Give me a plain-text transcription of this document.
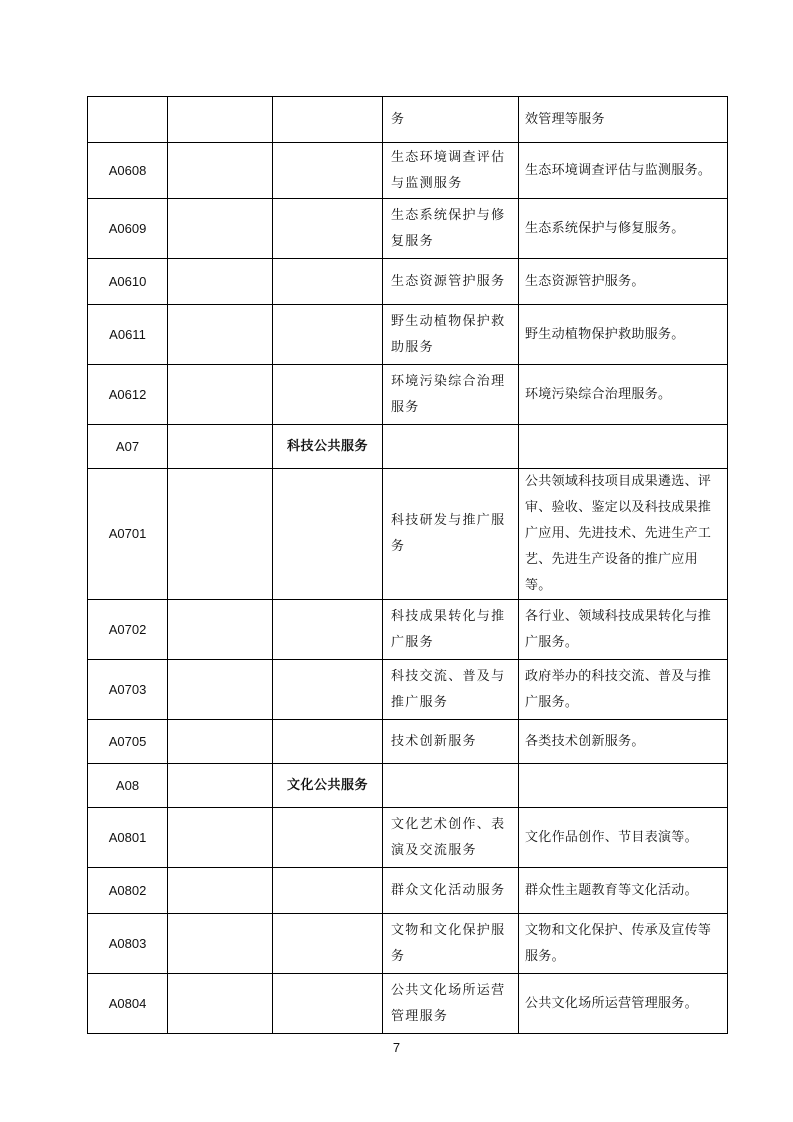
			务	效管理等服务
A0608			生态环境调查评估与监测服务	生态环境调查评估与监测服务。
A0609			生态系统保护与修复服务	生态系统保护与修复服务。
A0610			生态资源管护服务	生态资源管护服务。
A0611			野生动植物保护救助服务	野生动植物保护救助服务。
A0612			环境污染综合治理服务	环境污染综合治理服务。
A07		科技公共服务		
A0701			科技研发与推广服务	公共领域科技项目成果遴选、评审、验收、鉴定以及科技成果推广应用、先进技术、先进生产工艺、先进生产设备的推广应用等。
A0702			科技成果转化与推广服务	各行业、领域科技成果转化与推广服务。
A0703			科技交流、普及与推广服务	政府举办的科技交流、普及与推广服务。
A0705			技术创新服务	各类技术创新服务。
A08		文化公共服务		
A0801			文化艺术创作、表演及交流服务	文化作品创作、节目表演等。
A0802			群众文化活动服务	群众性主题教育等文化活动。
A0803			文物和文化保护服务	文物和文化保护、传承及宣传等服务。
A0804			公共文化场所运营管理服务	公共文化场所运营管理服务。
7
